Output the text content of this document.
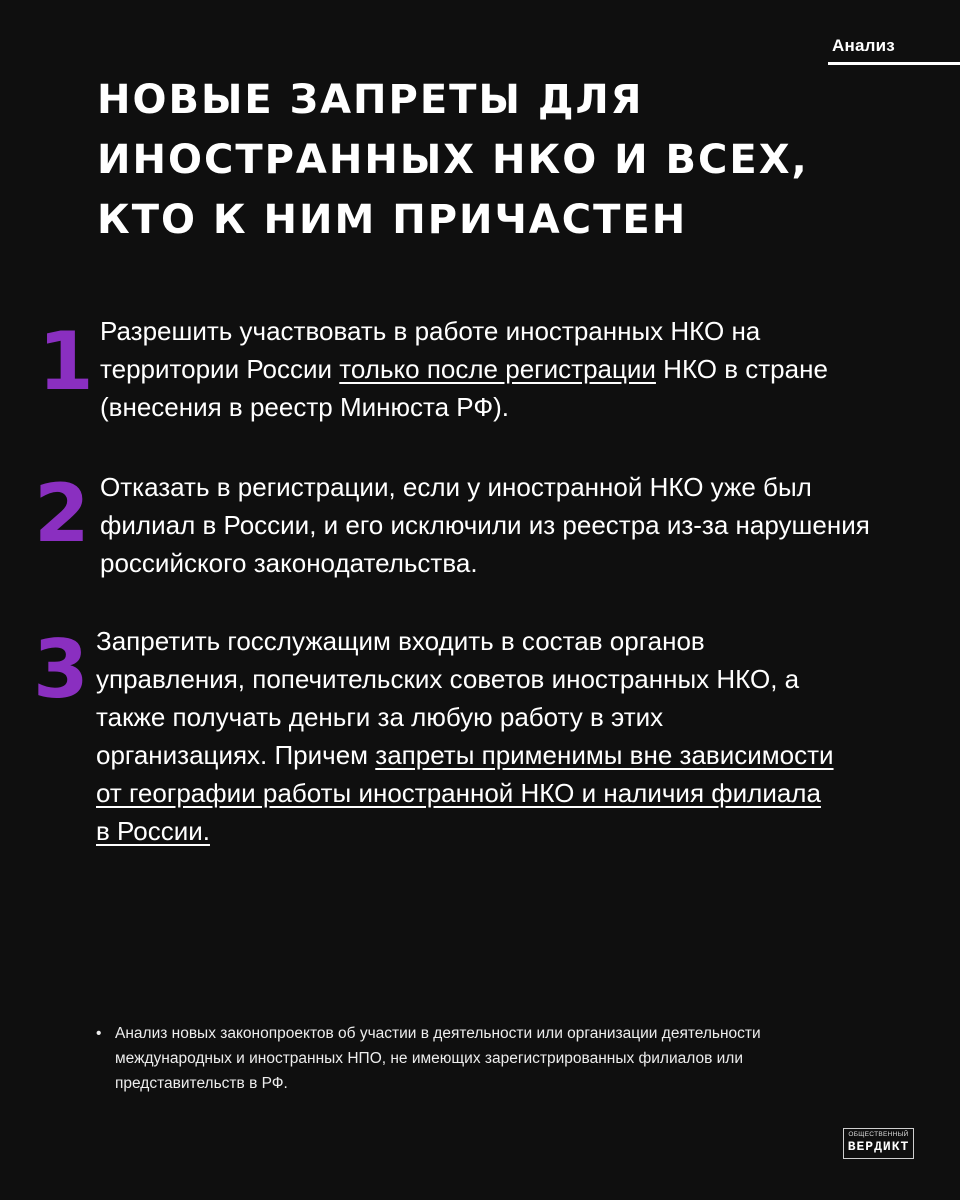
Анализ
НОВЫЕ ЗАПРЕТЫ ДЛЯ ИНОСТРАННЫХ НКО И ВСЕХ, КТО К НИМ ПРИЧАСТЕН
1 Разрешить участвовать в работе иностранных НКО на территории России только после регистрации НКО в стране (внесения в реестр Минюста РФ).
2 Отказать в регистрации, если у иностранной НКО уже был филиал в России, и его исключили из реестра из-за нарушения российского законодательства.
3 Запретить госслужащим входить в состав органов управления, попечительских советов иностранных НКО, а также получать деньги за любую работу в этих организациях. Причем запреты применимы вне зависимости от географии работы иностранной НКО и наличия филиала в России.
• Анализ новых законопроектов об участии в деятельности или организации деятельности международных и иностранных НПО, не имеющих зарегистрированных филиалов или представительств в РФ.
ОБЩЕСТВЕННЫЙ
ВЕРДИКТ
